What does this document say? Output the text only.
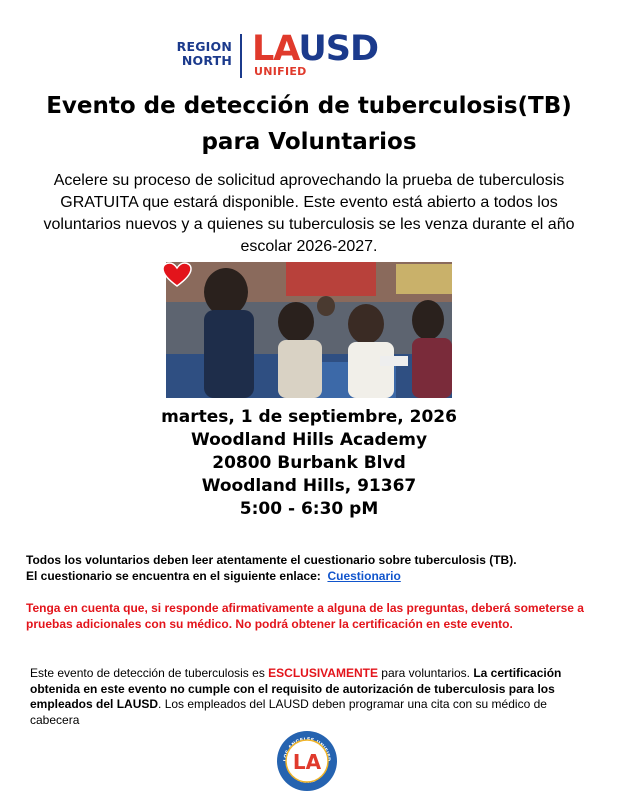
REGION
NORTH LAUSD
UNIFIED
Evento de detección de tuberculosis(TB)
para Voluntarios
Acelere su proceso de solicitud aprovechando la prueba de tuberculosis GRATUITA que estará disponible. Este evento está abierto a todos los voluntarios nuevos y a quienes su tuberculosis se les venza durante el año escolar 2026-2027.
martes, 1 de septiembre, 2026
Woodland Hills Academy
20800 Burbank Blvd
Woodland Hills, 91367
5:00 - 6:30 pM
Todos los voluntarios deben leer atentamente el cuestionario sobre tuberculosis (TB).
El cuestionario se encuentra en el siguiente enlace: Cuestionario
Tenga en cuenta que, si responde afirmativamente a alguna de las preguntas, deberá someterse a pruebas adicionales con su médico. No podrá obtener la certificación en este evento.
Este evento de detección de tuberculosis es ESCLUSIVAMENTE para voluntarios. La certificación obtenida en este evento no cumple con el requisito de autorización de tuberculosis para los empleados del LAUSD. Los empleados del LAUSD deben programar una cita con su médico de cabecera
LOS ANGELES UNIFIED
READY FOR THE WORLD
LA
